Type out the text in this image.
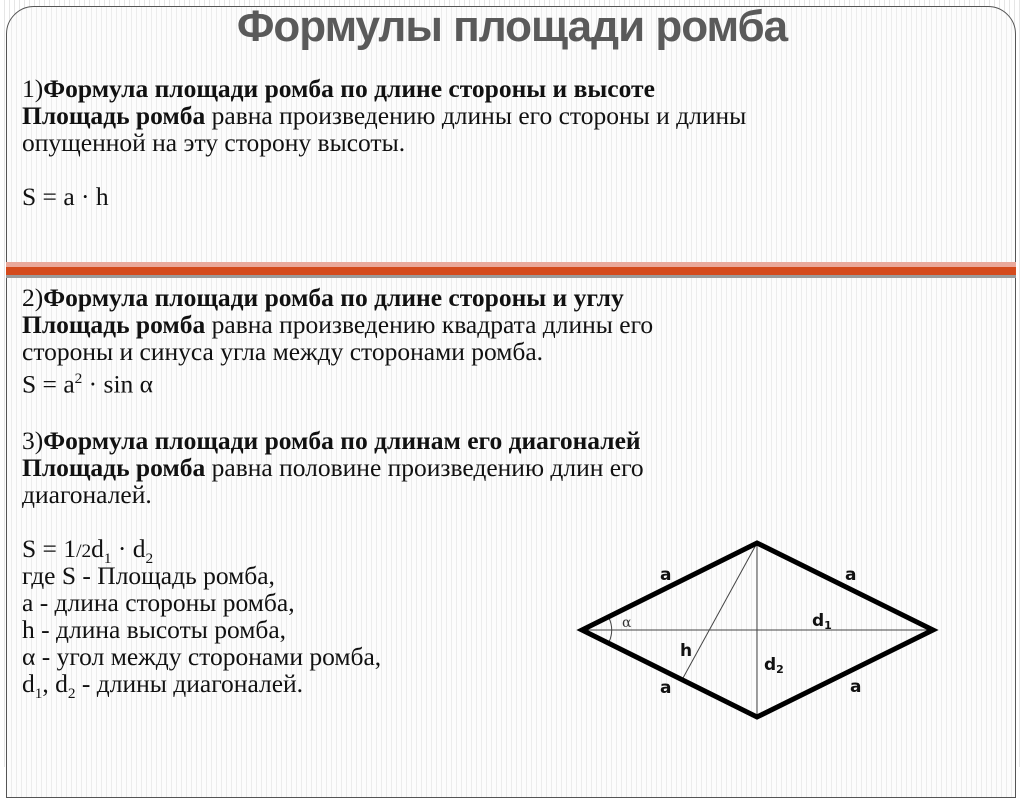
Формулы площади ромба
1)Формула площади ромба по длине стороны и высоте
Площадь ромба равна произведению длины его стороны и длины
опущенной на эту сторону высоты.
S = a · h
2)Формула площади ромба по длине стороны и углу
Площадь ромба равна произведению квадрата длины его
стороны и синуса угла между сторонами ромба.
$S = a^2 \cdot \sin \alpha$
3)Формула площади ромба по длинам его диагоналей
Площадь ромба равна половине произведению длин его
диагоналей.
$S = 1/2d_1 \cdot d_2$
где S - Площадь ромба,
a - длина стороны ромба,
h - длина высоты ромба,
α - угол между сторонами ромба,
$d_1$, $d_2$ - длины диагоналей.
a	a
a	a
h
α	d1
d2
